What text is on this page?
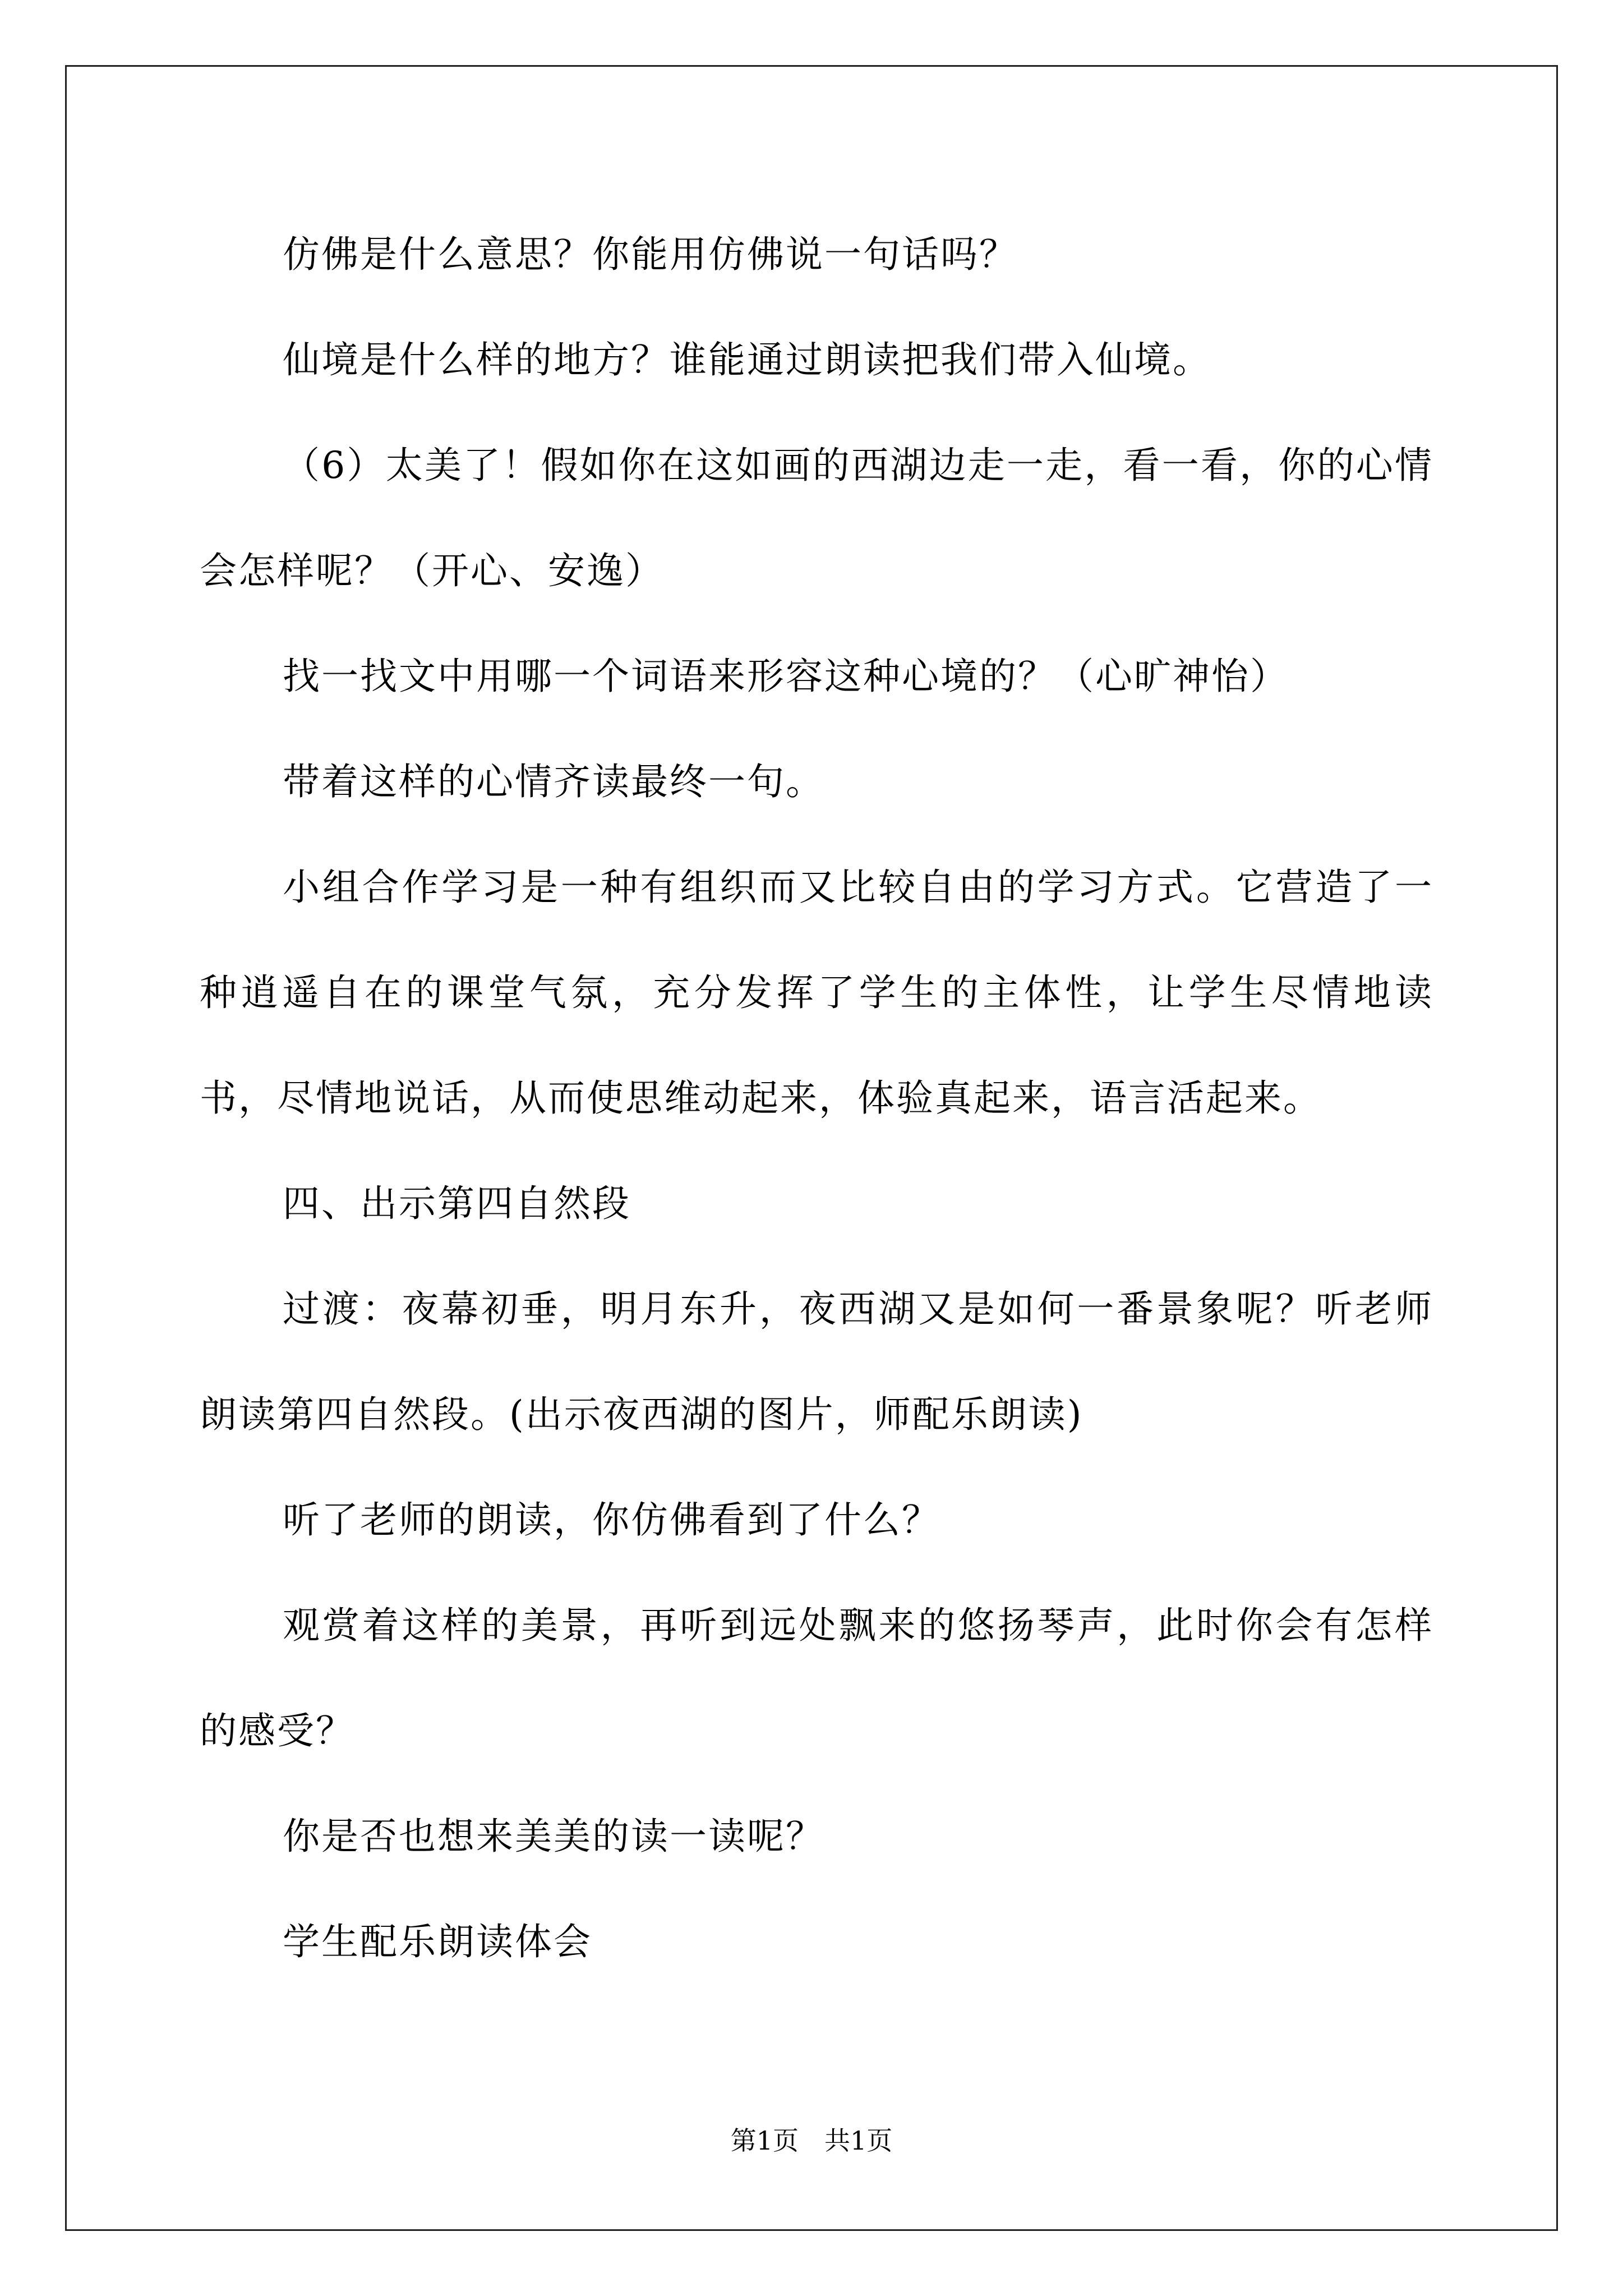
仿佛是什么意思？你能用仿佛说一句话吗？

仙境是什么样的地方？谁能通过朗读把我们带入仙境。

（6）太美了！假如你在这如画的西湖边走一走，看一看，你的心情会怎样呢？（开心、安逸）

找一找文中用哪一个词语来形容这种心境的？（心旷神怡）

带着这样的心情齐读最终一句。

小组合作学习是一种有组织而又比较自由的学习方式。它营造了一种逍遥自在的课堂气氛，充分发挥了学生的主体性，让学生尽情地读书，尽情地说话，从而使思维动起来，体验真起来，语言活起来。

四、出示第四自然段

过渡：夜幕初垂，明月东升，夜西湖又是如何一番景象呢？听老师朗读第四自然段。(出示夜西湖的图片，师配乐朗读)

听了老师的朗读，你仿佛看到了什么？

观赏着这样的美景，再听到远处飘来的悠扬琴声，此时你会有怎样的感受？

你是否也想来美美的读一读呢？

学生配乐朗读体会

第1页　共1页
